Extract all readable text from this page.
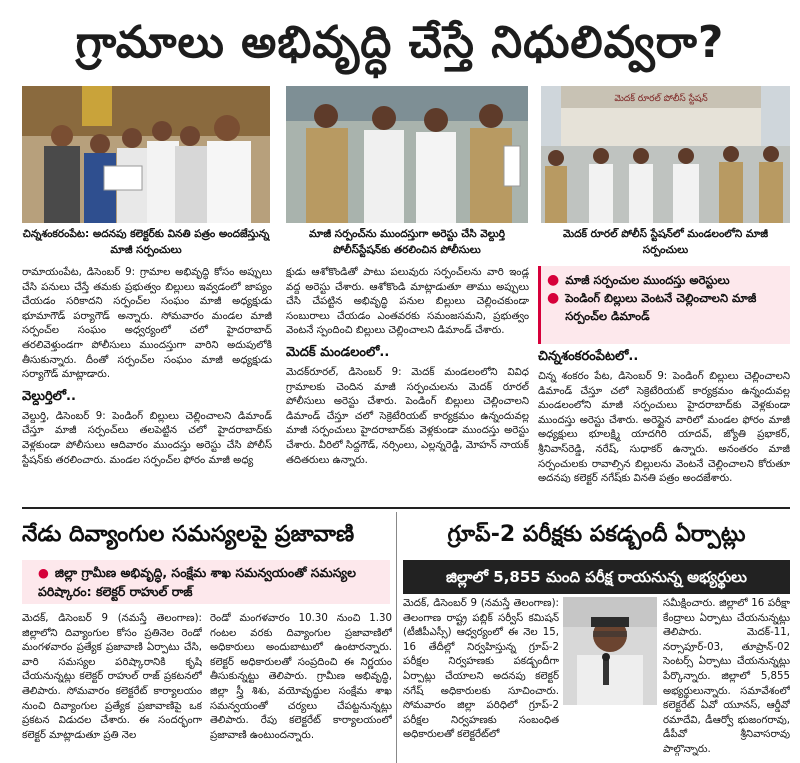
గ్రామాలు అభివృద్ధి చేస్తే నిధులివ్వరా?
చిన్నశంకరంపేట: అదనపు కలెక్టర్‌కు వినతి పత్రం అందజేస్తున్న మాజీ సర్పంచులు
మాజీ సర్పంచ్‌ను ముందస్తుగా అరెస్టు చేసి వెల్దుర్తి పోలీస్‌స్టేషన్‌కు తరలించిన పోలీసులు
మెదక్ రూరల్ పోలీస్ స్టేషన్
మెదక్ రూరల్ పోలీస్ స్టేషన్‌లో మండలంలోని మాజీ సర్పంచులు

రామాయంపేట, డిసెంబర్ 9: గ్రామాల అభివృద్ధి కోసం అప్పులు చేసి పనులు చేస్తే తమకు ప్రభుత్వం బిల్లులు ఇవ్వడంలో జాప్యం చేయడం సరికాదని సర్పంచ్‌ల సంఘం మాజీ అధ్యక్షుడు భూమాగౌడ్ పర్యాగౌడ్ అన్నారు. సోమవారం మండల మాజీ సర్పంచ్‌ల సంఘం అధ్వర్యంలో చలో హైదరాబాద్ తరలివెళ్తుండగా పోలీసులు ముందస్తుగా వారిని అదుపులోకి తీసుకున్నారు. దీంతో సర్పంచ్‌ల సంఘం మాజీ అధ్యక్షుడు సర్యాగౌడ్ మాట్లాడారు.

వెల్దుర్తిలో..

వెల్దుర్తి, డిసెంబర్ 9: పెండింగ్ బిల్లులు చెల్లించాలని డిమాండ్ చేస్తూ మాజీ సర్పంచ్‌లు తలపెట్టిన చలో హైదరాబాద్‌కు వెళ్లకుండా పోలీసులు ఆదివారం ముందస్తు అరెస్టు చేసి పోలీస్ స్టేషన్‌కు తరలించారు. మండల సర్పంచ్‌ల ఫోరం మాజీ అధ్య

క్షుడు ఆశోకొండితో పాటు పలువురు సర్పంచ్‌లను వారి ఇండ్ల వద్ద అరెస్టు చేశారు. ఆశోకొండి మాట్లాడుతూ తాము అప్పులు చేసి చేపట్టిన అభివృద్ధి పనుల బిల్లులు చెల్లించకుండా సంబురాలు చేయడం ఎంతవరకు సమంజసమని, ప్రభుత్వం వెంటనే స్పందించి బిల్లులు చెల్లించాలని డిమాండ్ చేశారు.

మెదక్ మండలంలో..

మెదక్‌రూరల్, డిసెంబర్ 9: మెదక్ మండలంలోని వివిధ గ్రామాలకు చెందిన మాజీ సర్పంచులను మెదక్ రూరల్ పోలీసులు అరెస్టు చేశారు. పెండింగ్ బిల్లులు చెల్లించాలని డిమాండ్ చేస్తూ చలో సెక్రెటేరియట్ కార్యక్రమం ఉన్నందువల్ల మాజీ సర్పంచులు హైదరాబాద్‌కు వెళ్లకుండా ముందస్తు అరెస్టు చేశారు. వీరిలో సిద్దగౌడ్, నర్సింలు, ఎల్లన్నరెడ్డి, మోహన్ నాయక్ తదితరులు ఉన్నారు.

● మాజీ సర్పంచుల ముందస్తు అరెస్టులు
● పెండింగ్ బిల్లులు వెంటనే చెల్లించాలని మాజీ సర్పంచ్‌ల డిమాండ్
చిన్నశంకరంపేటలో..

చిన్న శంకరం పేట, డిసెంబర్ 9: పెండింగ్ బిల్లులు చెల్లించాలని డిమాండ్ చేస్తూ చలో సెక్రెటేరియట్ కార్యక్రమం ఉన్నందువల్ల మండలంలోని మాజీ సర్పంచులు హైదరాబాద్‌కు వెళ్లకుండా ముందస్తు అరెస్టు చేశారు. అరెస్టైన వారిలో మండల ఫోరం మాజీ అధ్యక్షులు భూలక్ష్మి యాదగిరి యాదవ్, జ్యోతి ప్రభాకర్, శ్రీనివాస్‌రెడ్డి, నరేష్, సుధాకర్ ఉన్నారు. అనంతరం మాజీ సర్పంచులకు రావాల్సిన బిల్లులను వెంటనే చెల్లించాలని కోరుతూ అదనపు కలెక్టర్ నగేష్‌కు వినతి పత్రం అందజేశారు.

నేడు దివ్యాంగుల సమస్యలపై ప్రజావాణి
● జిల్లా గ్రామీణ అభివృద్ధి, సంక్షేమ శాఖ సమన్వయంతో సమస్యల పరిష్కారం: కలెక్టర్ రాహుల్ రాజ్
మెదక్, డిసెంబర్ 9 (నమస్తే తెలంగాణ): జిల్లాలోని దివ్యాంగుల కోసం ప్రతినెల రెండో మంగళవారం ప్రత్యేక ప్రజావాణి ఏర్పాటు చేసి, వారి సమస్యల పరిష్కారానికి కృషి చేయనున్నట్లు కలెక్టర్ రాహుల్ రాజ్ ప్రకటనలో తెలిపారు. సోమవారం కలెక్టరేట్ కార్యాలయం నుంచి దివ్యాంగుల ప్రత్యేక ప్రజావాణిపై ఒక ప్రకటన విడుదల చేశారు. ఈ సందర్భంగా కలెక్టర్ మాట్లాడుతూ ప్రతి నెల
రెండో మంగళవారం 10.30 నుంచి 1.30 గంటల వరకు దివ్యాంగుల ప్రజావాణిలో అధికారులు అందుబాటులో ఉంటారన్నారు. కలెక్టర్ అధికారులతో సంప్రదించి ఈ నిర్ణయం తీసుకున్నట్టు తెలిపారు. గ్రామీణ అభివృద్ధి, జిల్లా స్త్రీ శిశు, వయోవృద్ధుల సంక్షేమ శాఖ సమన్వయంతో చర్యలు చేపట్టనున్నట్లు తెలిపారు. రేపు కలెక్టరేట్ కార్యాలయంలో ప్రజావాణి ఉంటుందన్నారు.
గ్రూప్-2 పరీక్షకు పకడ్బందీ ఏర్పాట్లు
జిల్లాలో 5,855 మంది పరీక్ష రాయనున్న అభ్యర్థులు
మెదక్, డిసెంబర్ 9 (నమస్తే తెలంగాణ): తెలంగాణ రాష్ట్ర పబ్లిక్ సర్వీస్ కమిషన్ (టీజీపీఎస్సీ) ఆధ్వర్యంలో ఈ నెల 15, 16 తేదీల్లో నిర్వహిస్తున్న గ్రూప్-2 పరీక్షల నిర్వహణకు పకడ్బందీగా ఏర్పాట్లు చేయాలని అదనపు కలెక్టర్ నగేష్ అధికారులకు సూచించారు. సోమవారం జిల్లా పరిధిలో గ్రూప్-2 పరీక్షల నిర్వహణకు సంబంధిత అధికారులతో కలెక్టరేట్‌లో
సమీక్షించారు. జిల్లాలో 16 పరీక్షా కేంద్రాలు ఏర్పాటు చేయనున్నట్లు తెలిపారు. మెదక్-11, నర్సాపూర్-03, తూప్రాన్-02 సెంటర్స్ ఏర్పాటు చేయనున్నట్లు పేర్కొన్నారు. జిల్లాలో 5,855 అభ్యర్థులున్నారు. సమావేశంలో కలెక్టరేట్ ఏవో యూనస్, ఆర్డీవో రమాదేవి, డీఆర్వో భుజంగరావు, డీపీవో శ్రీనివాసరావు పాల్గొన్నారు.
